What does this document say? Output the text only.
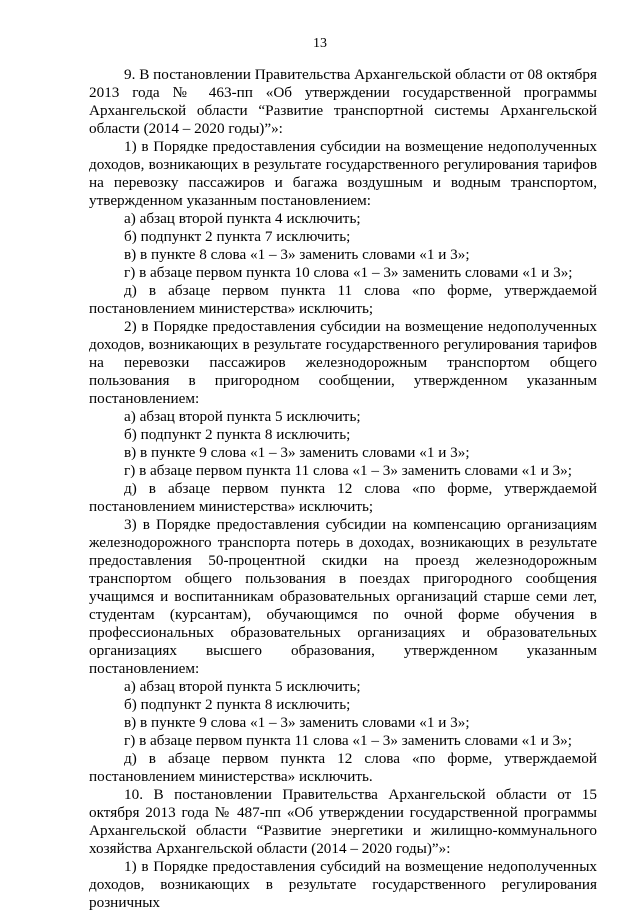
13

9. В постановлении Правительства Архангельской области от 08 октября 2013 года № 463-пп «Об утверждении государственной программы Архангельской области “Развитие транспортной системы Архангельской области (2014 – 2020 годы)”»:

1) в Порядке предоставления субсидии на возмещение недополученных доходов, возникающих в результате государственного регулирования тарифов на перевозку пассажиров и багажа воздушным и водным транспортом, утвержденном указанным постановлением:

а) абзац второй пункта 4 исключить;

б) подпункт 2 пункта 7 исключить;

в) в пункте 8 слова «1 – 3» заменить словами «1 и 3»;

г) в абзаце первом пункта 10 слова «1 – 3» заменить словами «1 и 3»;

д) в абзаце первом пункта 11 слова «по форме, утверждаемой постановлением министерства» исключить;

2) в Порядке предоставления субсидии на возмещение недополученных доходов, возникающих в результате государственного регулирования тарифов на перевозки пассажиров железнодорожным транспортом общего пользования в пригородном сообщении, утвержденном указанным постановлением:

а) абзац второй пункта 5 исключить;

б) подпункт 2 пункта 8 исключить;

в) в пункте 9 слова «1 – 3» заменить словами «1 и 3»;

г) в абзаце первом пункта 11 слова «1 – 3» заменить словами «1 и 3»;

д) в абзаце первом пункта 12 слова «по форме, утверждаемой постановлением министерства» исключить;

3) в Порядке предоставления субсидии на компенсацию организациям железнодорожного транспорта потерь в доходах, возникающих в результате предоставления 50-процентной скидки на проезд железнодорожным транспортом общего пользования в поездах пригородного сообщения учащимся и воспитанникам образовательных организаций старше семи лет, студентам (курсантам), обучающимся по очной форме обучения в профессиональных образовательных организациях и образовательных организациях высшего образования, утвержденном указанным постановлением:

а) абзац второй пункта 5 исключить;

б) подпункт 2 пункта 8 исключить;

в) в пункте 9 слова «1 – 3» заменить словами «1 и 3»;

г) в абзаце первом пункта 11 слова «1 – 3» заменить словами «1 и 3»;

д) в абзаце первом пункта 12 слова «по форме, утверждаемой постановлением министерства» исключить.

10. В постановлении Правительства Архангельской области от 15 октября 2013 года № 487-пп «Об утверждении государственной программы Архангельской области “Развитие энергетики и жилищно-коммунального хозяйства Архангельской области (2014 – 2020 годы)”»:

1) в Порядке предоставления субсидий на возмещение недополученных доходов, возникающих в результате государственного регулирования розничных
